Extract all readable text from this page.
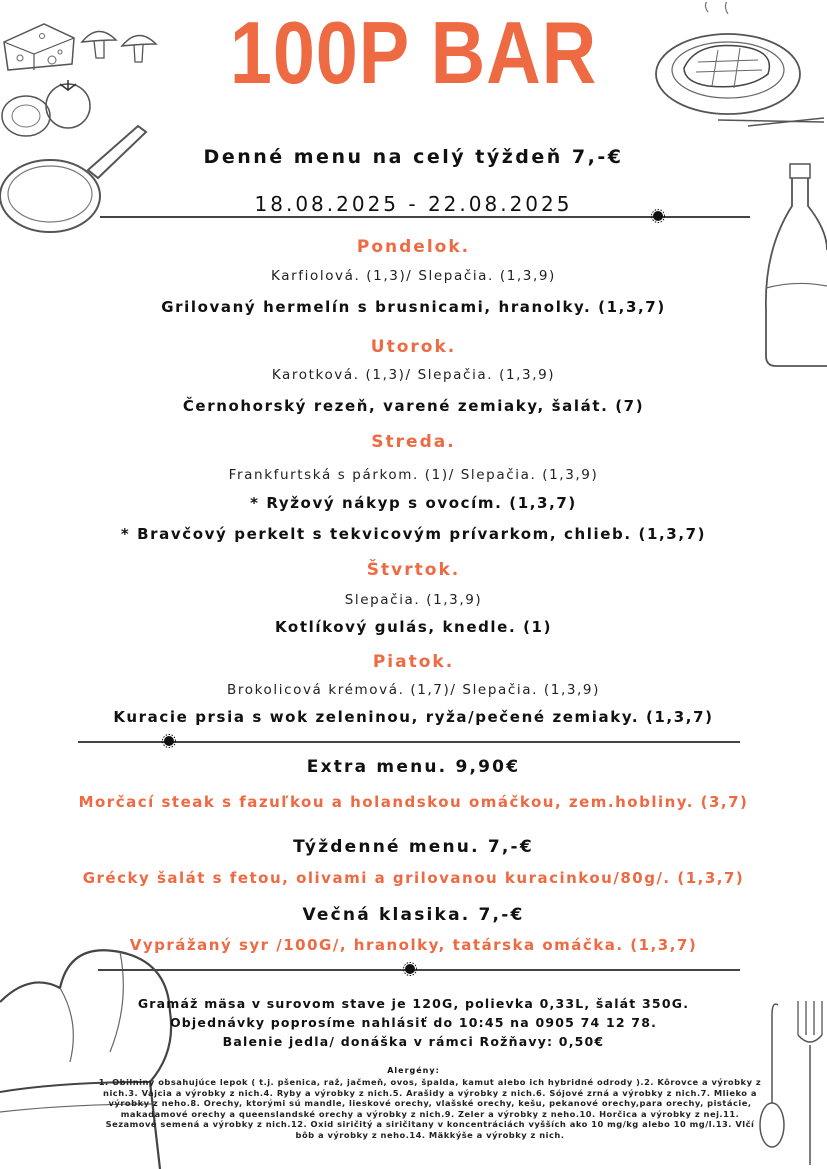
100P BAR
Denné menu na celý týždeň 7,-€
18.08.2025 - 22.08.2025
Pondelok.
Karfiolová. (1,3)/ Slepačia. (1,3,9)
Grilovaný hermelín s brusnicami, hranolky. (1,3,7)
Utorok.
Karotková. (1,3)/ Slepačia. (1,3,9)
Černohorský rezeň, varené zemiaky, šalát. (7)
Streda.
Frankfurtská s párkom. (1)/ Slepačia. (1,3,9)
* Ryžový nákyp s ovocím. (1,3,7)
* Bravčový perkelt s tekvicovým prívarkom, chlieb. (1,3,7)
Štvrtok.
Slepačia. (1,3,9)
Kotlíkový gulás, knedle. (1)
Piatok.
Brokolicová krémová. (1,7)/ Slepačia. (1,3,9)
Kuracie prsia s wok zeleninou, ryža/pečené zemiaky. (1,3,7)
Extra menu. 9,90€
Morčací steak s fazuľkou a holandskou omáčkou, zem.hobliny. (3,7)
Týždenné menu. 7,-€
Grécky šalát s fetou, olivami a grilovanou kuracinkou/80g/. (1,3,7)
Večná klasika. 7,-€
Vyprážaný syr /100G/, hranolky, tatárska omáčka. (1,3,7)
Gramáž mäsa v surovom stave je 120G, polievka 0,33L, šalát 350G.
Objednávky poprosíme nahlásiť do 10:45 na 0905 74 12 78.
Balenie jedla/ donáška v rámci Rožňavy: 0,50€
Alergény:
1. Obilniny obsahujúce lepok ( t.j. pšenica, raž, jačmeň, ovos, špalda, kamut alebo ich hybridné odrody ).2. Kôrovce a výrobky z nich.3. Vajcia a výrobky z nich.4. Ryby a výrobky z nich.5. Arašidy a výrobky z nich.6. Sójové zrná a výrobky z nich.7. Mlieko a výrobky z neho.8. Orechy, ktorými sú mandle, lieskové orechy, vlašské orechy, kešu, pekanové orechy,para orechy, pistácie, makadamové orechy a queenslandské orechy a výrobky z nich.9. Zeler a výrobky z neho.10. Horčica a výrobky z nej.11. Sezamové semená a výrobky z nich.12. Oxid siričitý a siričitany v koncentráciách vyšších ako 10 mg/kg alebo 10 mg/l.13. Vlčí bôb a výrobky z neho.14. Mäkkýše a výrobky z nich.
